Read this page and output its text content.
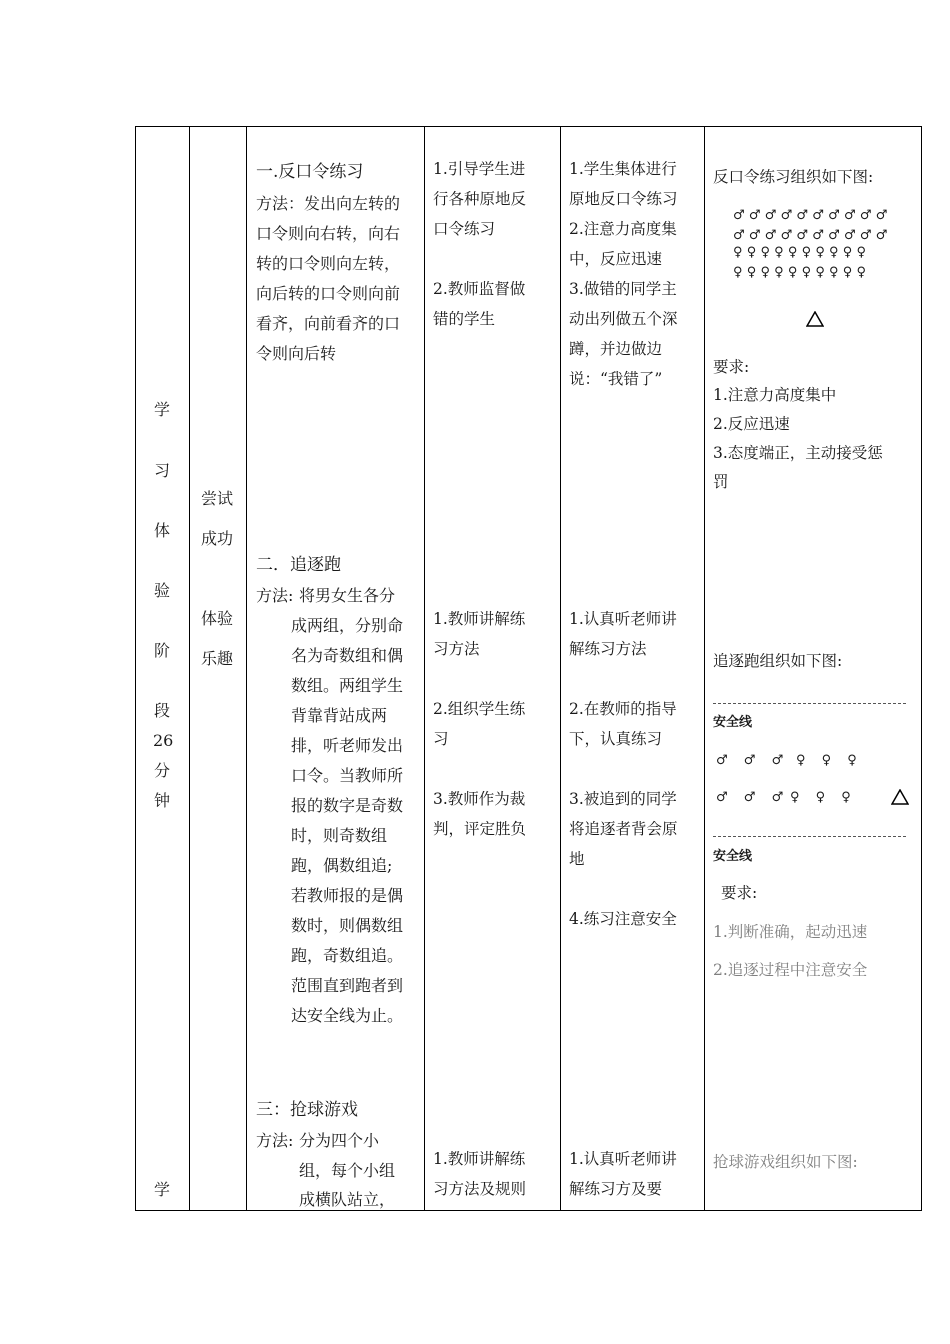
学
习
体
验
阶
段
26
分
钟
学
尝试
成功
体验
乐趣
一.反口令练习
方法：发出向左转的
口令则向右转，向右
转的口令则向左转，
向后转的口令则向前
看齐，向前看齐的口
令则向后转
二．追逐跑
方法: 将男女生各分
成两组，分别命
名为奇数组和偶
数组。两组学生
背靠背站成两
排，听老师发出
口令。当教师所
报的数字是奇数
时，则奇数组
跑，偶数组追;
若教师报的是偶
数时，则偶数组
跑，奇数组追。
范围直到跑者到
达安全线为止。
三：抢球游戏
方法: 分为四个小
组，每个小组
成横队站立，
1.引导学生进
行各种原地反
口令练习
2.教师监督做
错的学生
1.教师讲解练
习方法
2.组织学生练
习
3.教师作为裁
判，评定胜负
1.教师讲解练
习方法及规则
1.学生集体进行
原地反口令练习
2.注意力高度集
中，反应迅速
3.做错的同学主
动出列做五个深
蹲，并边做边
说：“我错了”
1.认真听老师讲
解练习方法
2.在教师的指导
下，认真练习
3.被追到的同学
将追逐者背会原
地
4.练习注意安全
1.认真听老师讲
解练习方及要
反口令练习组织如下图:
♂♂♂♂♂♂♂♂♂♂
♂♂♂♂♂♂♂♂♂♂
♀♀♀♀♀♀♀♀♀♀
♀♀♀♀♀♀♀♀♀♀
要求:
1.注意力高度集中
2.反应迅速
3.态度端正，主动接受惩
罚
追逐跑组织如下图:
安全线
♂ ♂ ♂ ♀ ♀ ♀
♂ ♂ ♂ ♀ ♀ ♀
安全线
要求:
1.判断准确，起动迅速
2.追逐过程中注意安全
抢球游戏组织如下图:
